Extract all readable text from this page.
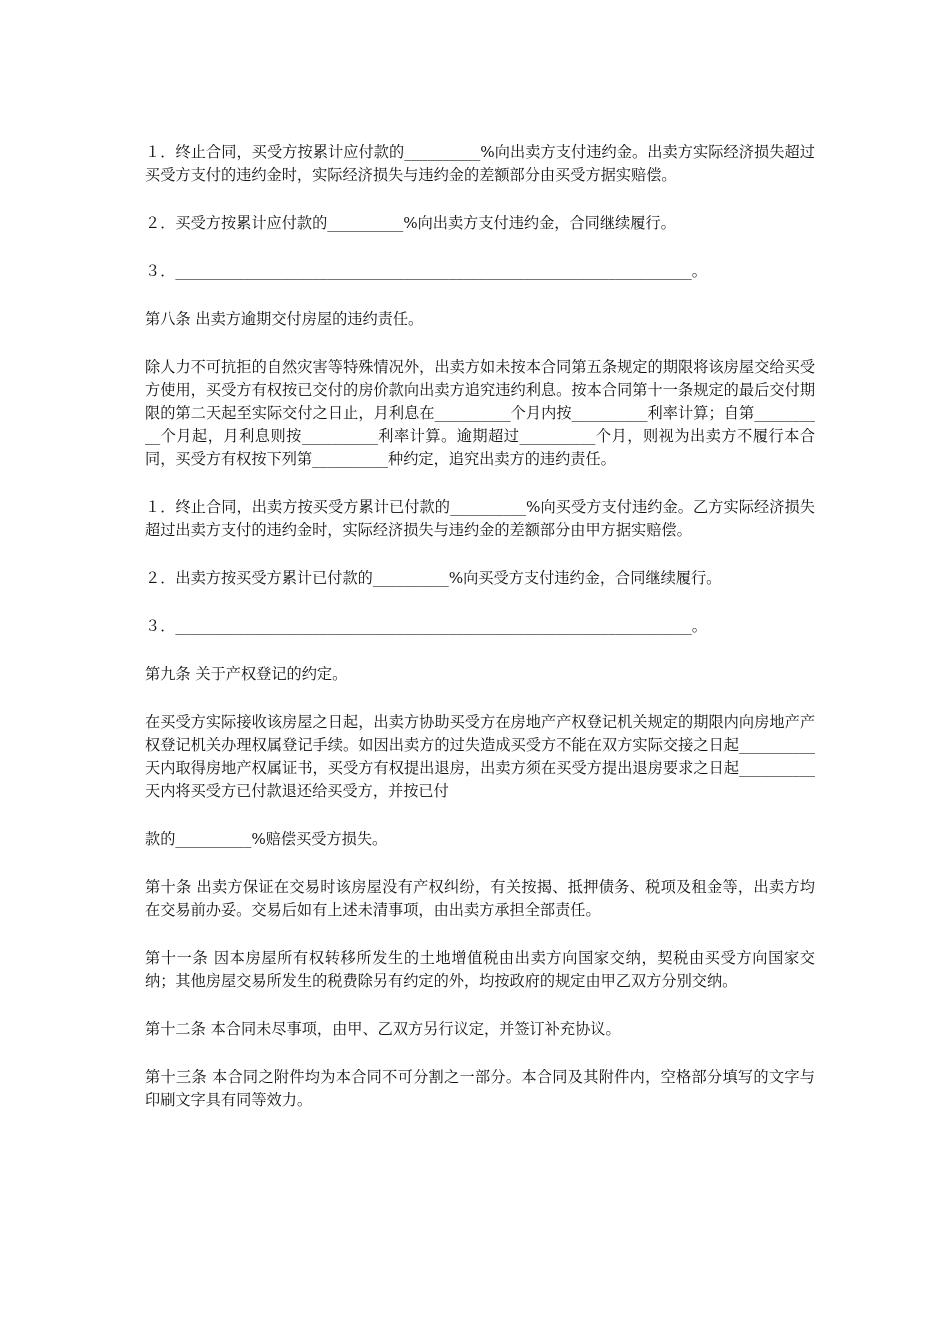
１．终止合同，买受方按累计应付款的__________%向出卖方支付违约金。出卖方实际经济损失超过买受方支付的违约金时，实际经济损失与违约金的差额部分由买受方据实赔偿。

２．买受方按累计应付款的__________%向出卖方支付违约金，合同继续履行。

３．____________________________________________________________________。

第八条 出卖方逾期交付房屋的违约责任。

除人力不可抗拒的自然灾害等特殊情况外，出卖方如未按本合同第五条规定的期限将该房屋交给买受方使用，买受方有权按已交付的房价款向出卖方追究违约利息。按本合同第十一条规定的最后交付期限的第二天起至实际交付之日止，月利息在__________个月内按__________利率计算；自第__________个月起，月利息则按__________利率计算。逾期超过__________个月，则视为出卖方不履行本合同，买受方有权按下列第__________种约定，追究出卖方的违约责任。

１．终止合同，出卖方按买受方累计已付款的__________%向买受方支付违约金。乙方实际经济损失超过出卖方支付的违约金时，实际经济损失与违约金的差额部分由甲方据实赔偿。

２．出卖方按买受方累计已付款的__________%向买受方支付违约金，合同继续履行。

３．____________________________________________________________________。

第九条 关于产权登记的约定。

在买受方实际接收该房屋之日起，出卖方协助买受方在房地产产权登记机关规定的期限内向房地产产权登记机关办理权属登记手续。如因出卖方的过失造成买受方不能在双方实际交接之日起__________天内取得房地产权属证书，买受方有权提出退房，出卖方须在买受方提出退房要求之日起__________天内将买受方已付款退还给买受方，并按已付

款的__________%赔偿买受方损失。

第十条 出卖方保证在交易时该房屋没有产权纠纷，有关按揭、抵押债务、税项及租金等，出卖方均在交易前办妥。交易后如有上述未清事项，由出卖方承担全部责任。

第十一条 因本房屋所有权转移所发生的土地增值税由出卖方向国家交纳，契税由买受方向国家交纳；其他房屋交易所发生的税费除另有约定的外，均按政府的规定由甲乙双方分别交纳。

第十二条 本合同未尽事项，由甲、乙双方另行议定，并签订补充协议。

第十三条 本合同之附件均为本合同不可分割之一部分。本合同及其附件内，空格部分填写的文字与印刷文字具有同等效力。
